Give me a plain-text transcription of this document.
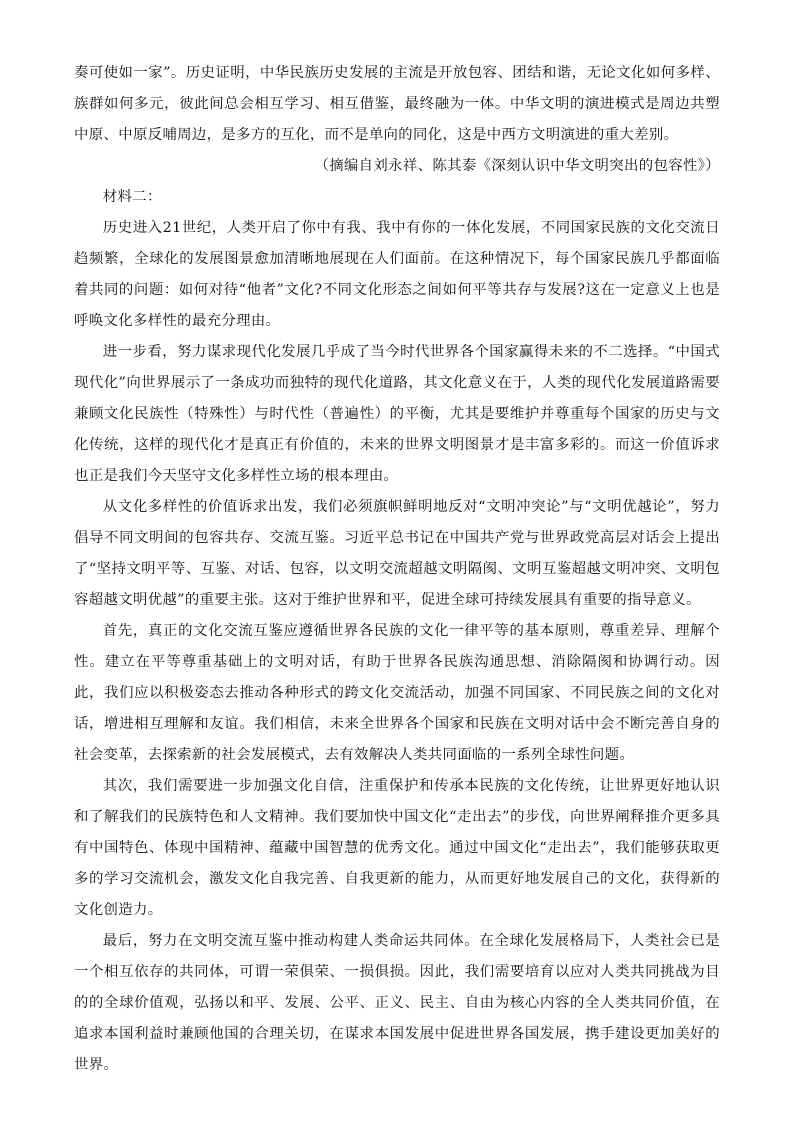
奏可使如一家”。历史证明，中华民族历史发展的主流是开放包容、团结和谐，无论文化如何多样、族群如何多元，彼此间总会相互学习、相互借鉴，最终融为一体。中华文明的演进模式是周边共塑中原、中原反哺周边，是多方的互化，而不是单向的同化，这是中西方文明演进的重大差别。

（摘编自刘永祥、陈其泰《深刻认识中华文明突出的包容性》）

材料二：

历史进入21世纪，人类开启了你中有我、我中有你的一体化发展，不同国家民族的文化交流日趋频繁，全球化的发展图景愈加清晰地展现在人们面前。在这种情况下，每个国家民族几乎都面临着共同的问题：如何对待“他者”文化?不同文化形态之间如何平等共存与发展?这在一定意义上也是呼唤文化多样性的最充分理由。

进一步看，努力谋求现代化发展几乎成了当今时代世界各个国家赢得未来的不二选择。“中国式现代化”向世界展示了一条成功而独特的现代化道路，其文化意义在于，人类的现代化发展道路需要兼顾文化民族性（特殊性）与时代性（普遍性）的平衡，尤其是要维护并尊重每个国家的历史与文化传统，这样的现代化才是真正有价值的，未来的世界文明图景才是丰富多彩的。而这一价值诉求也正是我们今天坚守文化多样性立场的根本理由。

从文化多样性的价值诉求出发，我们必须旗帜鲜明地反对“文明冲突论”与“文明优越论”，努力倡导不同文明间的包容共存、交流互鉴。习近平总书记在中国共产党与世界政党高层对话会上提出了“坚持文明平等、互鉴、对话、包容，以文明交流超越文明隔阂、文明互鉴超越文明冲突、文明包容超越文明优越”的重要主张。这对于维护世界和平，促进全球可持续发展具有重要的指导意义。

首先，真正的文化交流互鉴应遵循世界各民族的文化一律平等的基本原则，尊重差异、理解个性。建立在平等尊重基础上的文明对话，有助于世界各民族沟通思想、消除隔阂和协调行动。因此，我们应以积极姿态去推动各种形式的跨文化交流活动，加强不同国家、不同民族之间的文化对话，增进相互理解和友谊。我们相信，未来全世界各个国家和民族在文明对话中会不断完善自身的社会变革，去探索新的社会发展模式，去有效解决人类共同面临的一系列全球性问题。

其次，我们需要进一步加强文化自信，注重保护和传承本民族的文化传统，让世界更好地认识和了解我们的民族特色和人文精神。我们要加快中国文化“走出去”的步伐，向世界阐释推介更多具有中国特色、体现中国精神、蕴藏中国智慧的优秀文化。通过中国文化“走出去”，我们能够获取更多的学习交流机会，激发文化自我完善、自我更新的能力，从而更好地发展自己的文化，获得新的文化创造力。

最后，努力在文明交流互鉴中推动构建人类命运共同体。在全球化发展格局下，人类社会已是一个相互依存的共同体，可谓一荣俱荣、一损俱损。因此，我们需要培育以应对人类共同挑战为目的的全球价值观，弘扬以和平、发展、公平、正义、民主、自由为核心内容的全人类共同价值，在追求本国利益时兼顾他国的合理关切，在谋求本国发展中促进世界各国发展，携手建设更加美好的世界。
